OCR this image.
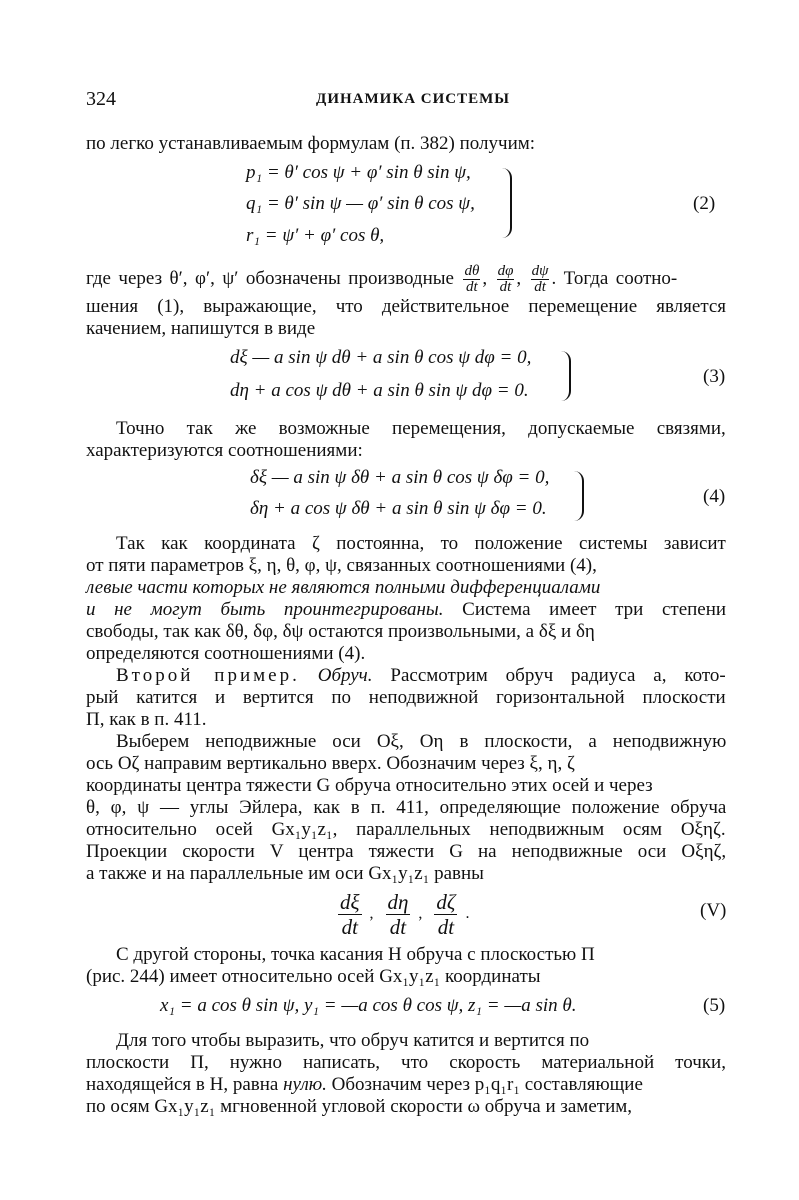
324	ДИНАМИКА СИСТЕМЫ
по легко устанавливаемым формулам (п. 382) получим:
p₁ = θ′ cos ψ + φ′ sin θ sin ψ,
q₁ = θ′ sin ψ — φ′ sin θ cos ψ,
r₁ = ψ′ + φ′ cos θ,
(2)
где через θ′, φ′, ψ′ обозначены производные $\frac{d\theta}{dt}$ , $\frac{d\varphi}{dt}$ , $\frac{d\psi}{dt}$ . Тогда соотно-
шения (1), выражающие, что действительное перемещение является
качением, напишутся в виде
dξ — a sin ψ dθ + a sin θ cos ψ dφ = 0,
dη + a cos ψ dθ + a sin θ sin ψ dφ = 0.
(3)
Точно так же возможные перемещения, допускаемые связями,
характеризуются соотношениями:
δξ — a sin ψ δθ + a sin θ cos ψ δφ = 0,
δη + a cos ψ δθ + a sin θ sin ψ δφ = 0.
(4)
Так как координата ζ постоянна, то положение системы зависит
от пяти параметров ξ, η, θ, φ, ψ, связанных соотношениями (4),
левые части которых не являются полными дифференциалами
и не могут быть проинтегрированы. Система имеет три степени
свободы, так как δθ, δφ, δψ остаются произвольными, а δξ и δη
определяются соотношениями (4).
Второй пример. Обруч. Рассмотрим обруч радиуса a, кото-
рый катится и вертится по неподвижной горизонтальной плоскости
Π, как в п. 411.
Выберем неподвижные оси Oξ, Oη в плоскости, а неподвижную
ось Oζ направим вертикально вверх. Обозначим через ξ, η, ζ
координаты центра тяжести G обруча относительно этих осей и через
θ, φ, ψ — углы Эйлера, как в п. 411, определяющие положение обруча
относительно осей Gx₁y₁z₁, параллельных неподвижным осям Oξηζ.
Проекции скорости V центра тяжести G на неподвижные оси Oξηζ,
а также и на параллельные им оси Gx₁y₁z₁ равны
$\frac{d\xi}{dt}$ , $\frac{d\eta}{dt}$ , $\frac{d\zeta}{dt}$ .	(V)
С другой стороны, точка касания H обруча с плоскостью Π
(рис. 244) имеет относительно осей Gx₁y₁z₁ координаты
x₁ = a cos θ sin ψ, y₁ = —a cos θ cos ψ, z₁ = —a sin θ.	(5)
Для того чтобы выразить, что обруч катится и вертится по
плоскости Π, нужно написать, что скорость материальной точки,
находящейся в H, равна нулю. Обозначим через p₁q₁r₁ составляющие
по осям Gx₁y₁z₁ мгновенной угловой скорости ω обруча и заметим,
